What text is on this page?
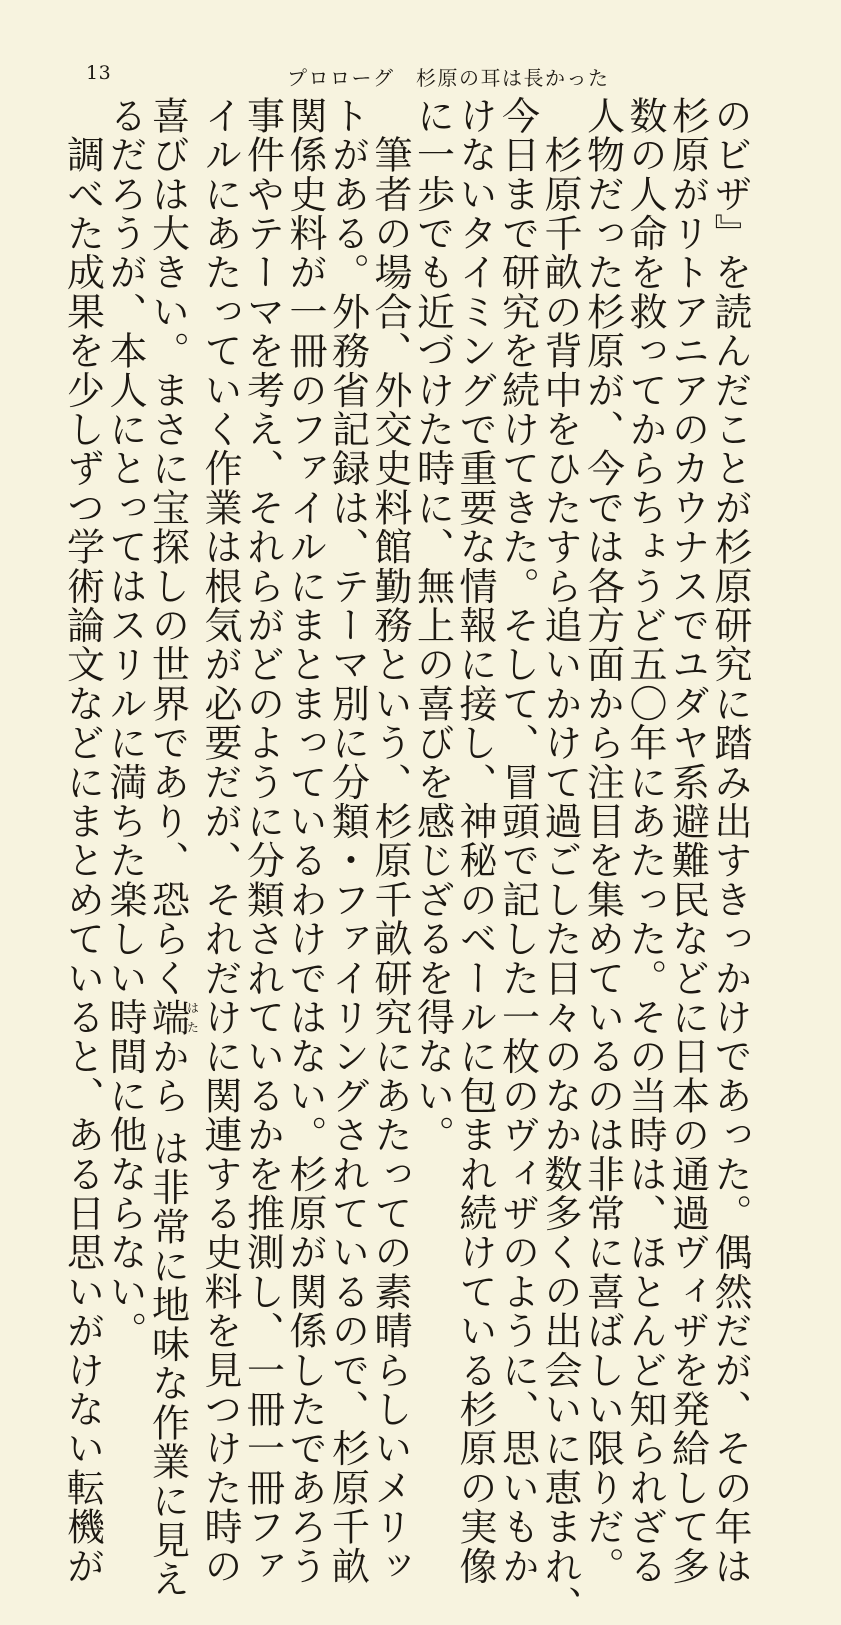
13	プロローグ　杉原の耳は長かった
のビザ』を読んだことが杉原研究に踏み出すきっかけであった。偶然だが、その年は
杉原がリトアニアのカウナスでユダヤ系避難民などに日本の通過ヴィザを発給して多
数の人命を救ってからちょうど五〇年にあたった。その当時は、ほとんど知られざる
人物だった杉原が、今では各方面から注目を集めているのは非常に喜ばしい限りだ。
　杉原千畝の背中をひたすら追いかけて過ごした日々のなか数多くの出会いに恵まれ、
今日まで研究を続けてきた。そして、冒頭で記した一枚のヴィザのように、思いもか
けないタイミングで重要な情報に接し、神秘のベールに包まれ続けている杉原の実像
に一歩でも近づけた時に、無上の喜びを感じざるを得ない。
　筆者の場合、外交史料館勤務という、杉原千畝研究にあたっての素晴らしいメリッ
トがある。外務省記録は、テーマ別に分類・ファイリングされているので、杉原千畝
関係史料が一冊のファイルにまとまっているわけではない。杉原が関係したであろう
事件やテーマを考え、それらがどのように分類されているかを推測し、一冊一冊ファ
イルにあたっていく作業は根気が必要だが、それだけに関連する史料を見つけた時の
喜びは大きい。まさに宝探しの世界であり、恐らく端はたから は非常に地味な作業に見え
るだろうが、本人にとってはスリルに満ちた楽しい時間に他ならない。
　調べた成果を少しずつ学術論文などにまとめていると、ある日思いがけない転機が
